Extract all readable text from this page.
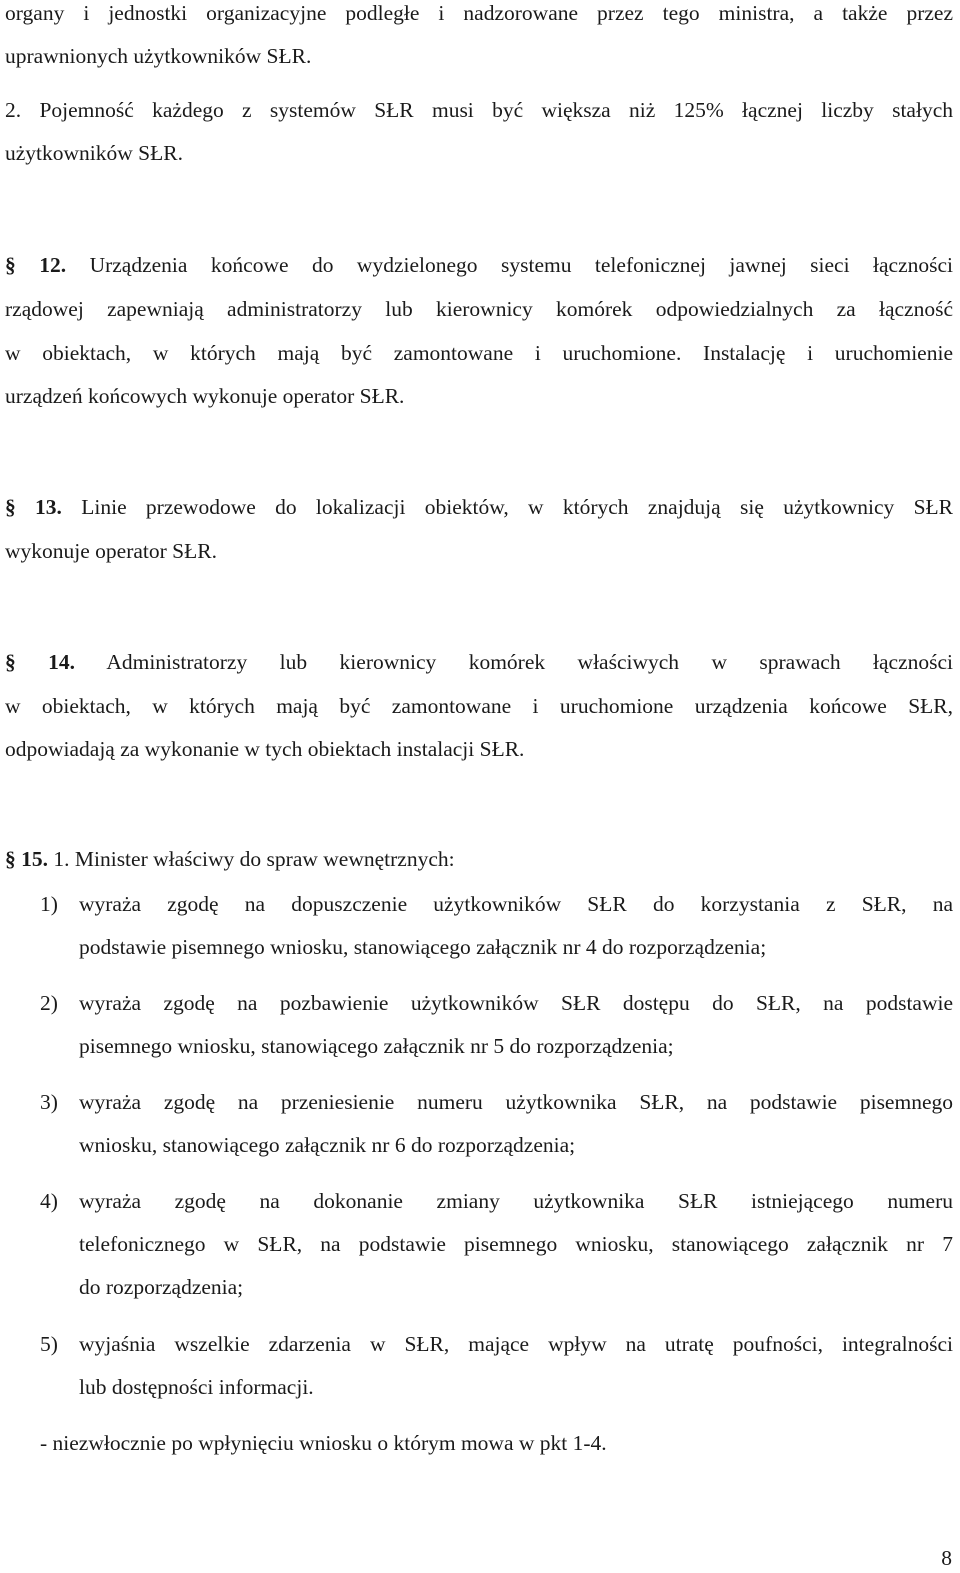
organy i jednostki organizacyjne podległe i nadzorowane przez tego ministra, a także przez
uprawnionych użytkowników SŁR.
2. Pojemność każdego z systemów SŁR musi być większa niż 125% łącznej liczby stałych
użytkowników SŁR.
§ 12. Urządzenia końcowe do wydzielonego systemu telefonicznej jawnej sieci łączności
rządowej zapewniają administratorzy lub kierownicy komórek odpowiedzialnych za łączność
w obiektach, w których mają być zamontowane i uruchomione. Instalację i uruchomienie
urządzeń końcowych wykonuje operator SŁR.
§ 13. Linie przewodowe do lokalizacji obiektów, w których znajdują się użytkownicy SŁR
wykonuje operator SŁR.
§ 14. Administratorzy lub kierownicy komórek właściwych w sprawach łączności
w obiektach, w których mają być zamontowane i uruchomione urządzenia końcowe SŁR,
odpowiadają za wykonanie w tych obiektach instalacji SŁR.
§ 15. 1. Minister właściwy do spraw wewnętrznych:
1) wyraża zgodę na dopuszczenie użytkowników SŁR do korzystania z SŁR, na
podstawie pisemnego wniosku, stanowiącego załącznik nr 4 do rozporządzenia;
2) wyraża zgodę na pozbawienie użytkowników SŁR dostępu do SŁR, na podstawie
pisemnego wniosku, stanowiącego załącznik nr 5 do rozporządzenia;
3) wyraża zgodę na przeniesienie numeru użytkownika SŁR, na podstawie pisemnego
wniosku, stanowiącego załącznik nr 6 do rozporządzenia;
4) wyraża zgodę na dokonanie zmiany użytkownika SŁR istniejącego numeru
telefonicznego w SŁR, na podstawie pisemnego wniosku, stanowiącego załącznik nr 7
do rozporządzenia;
5) wyjaśnia wszelkie zdarzenia w SŁR, mające wpływ na utratę poufności, integralności
lub dostępności informacji.
- niezwłocznie po wpłynięciu wniosku o którym mowa w pkt 1-4.
8
